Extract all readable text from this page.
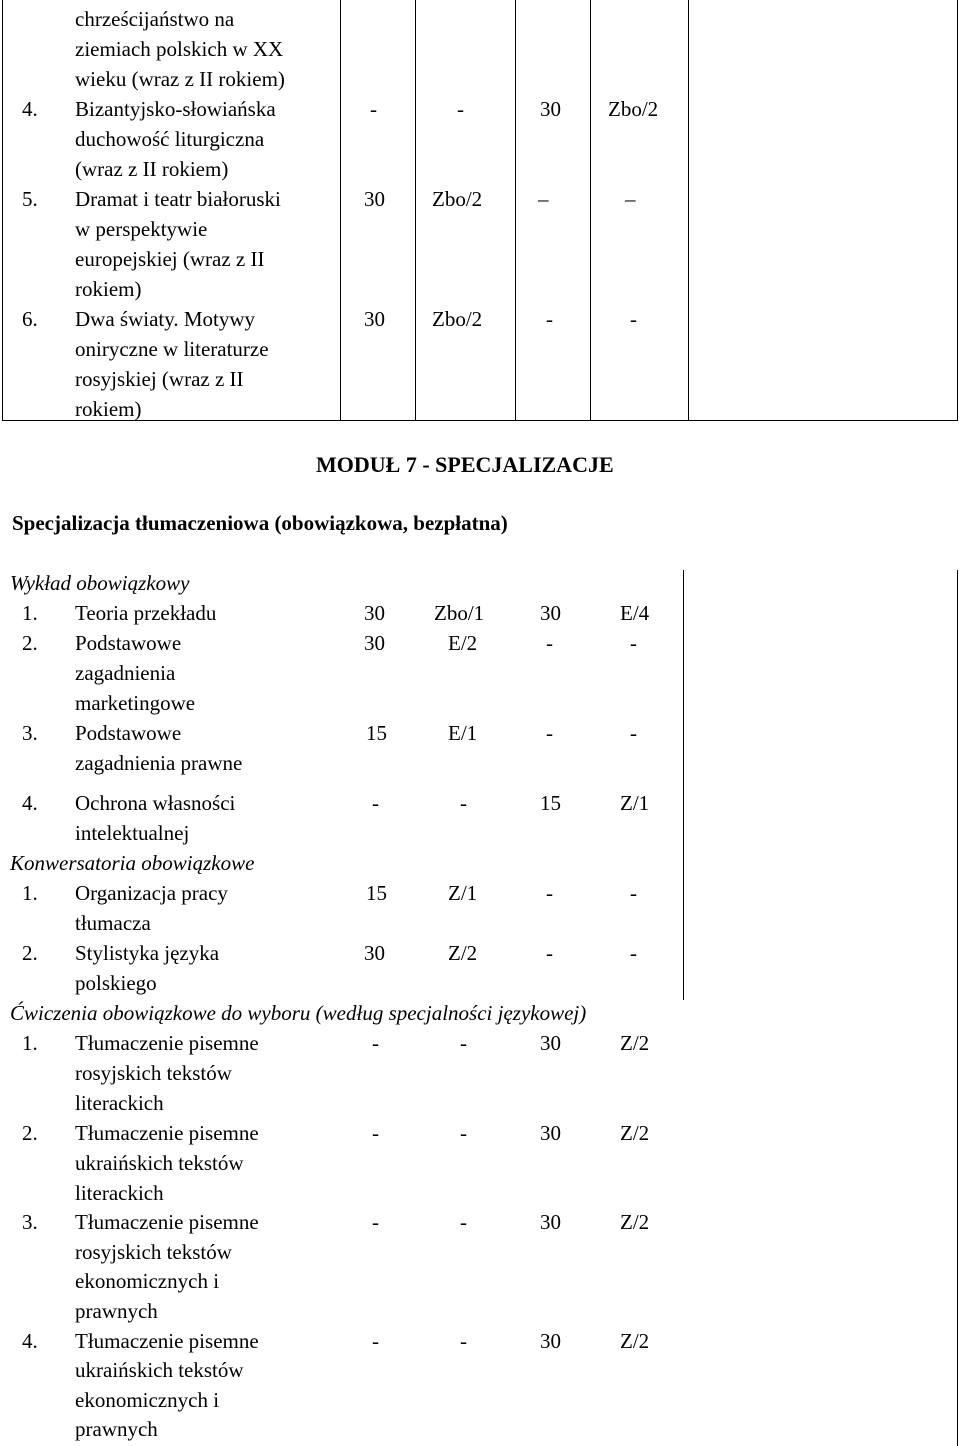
chrześcijaństwo na
ziemiach polskich w XX
wieku (wraz z II rokiem)
4. Bizantyjsko-słowiańska
duchowość liturgiczna
(wraz z II rokiem)
-	-	30 Zbo/2
5. Dramat i teatr białoruski
w perspektywie
europejskiej (wraz z II
rokiem)
30 Zbo/2	–	–
6. Dwa światy. Motywy
oniryczne w literaturze
rosyjskiej (wraz z II
rokiem)
30 Zbo/2	-	-
MODUŁ 7 - SPECJALIZACJE
Specjalizacja tłumaczeniowa (obowiązkowa, bezpłatna)
Wykład obowiązkowy
1. Teoria przekładu	30 Zbo/1	30	E/4
2. Podstawowe
zagadnienia
marketingowe
30	E/2	-	-
3. Podstawowe
zagadnienia prawne
15	E/1	-	-
4. Ochrona własności
intelektualnej
-	-	15	Z/1
Konwersatoria obowiązkowe
1. Organizacja pracy
tłumacza
15	Z/1	-	-
2. Stylistyka języka
polskiego
30	Z/2	-	-
Ćwiczenia obowiązkowe do wyboru (według specjalności językowej)
1. Tłumaczenie pisemne
rosyjskich tekstów
literackich
-	-	30	Z/2
2. Tłumaczenie pisemne
ukraińskich tekstów
literackich
-	-	30	Z/2
3. Tłumaczenie pisemne
rosyjskich tekstów
ekonomicznych i
prawnych
-	-	30	Z/2
4. Tłumaczenie pisemne
ukraińskich tekstów
ekonomicznych i
prawnych
-	-	30	Z/2
